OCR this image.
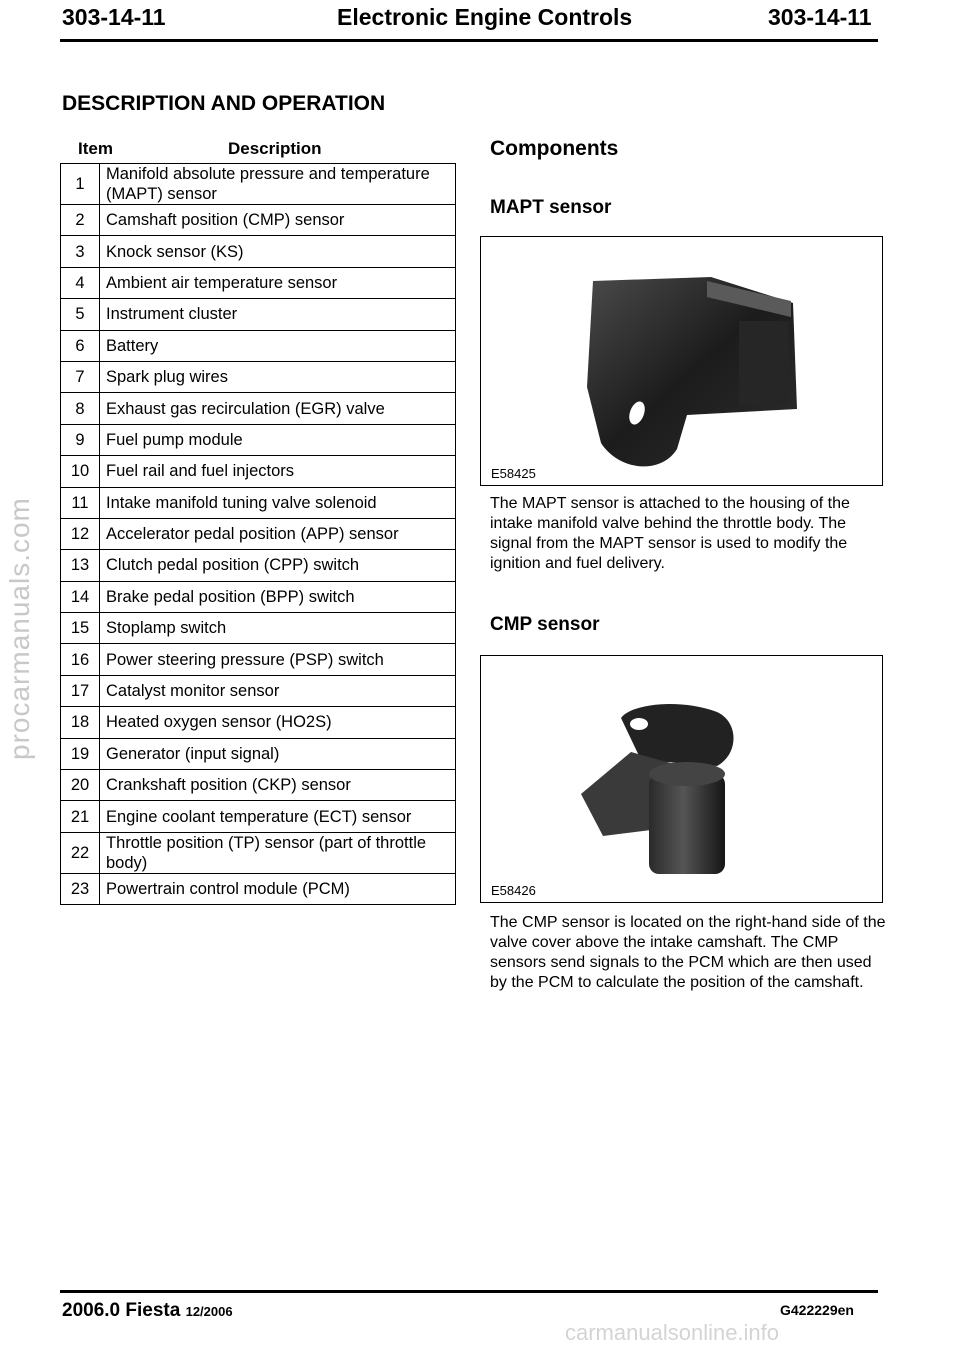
303-14-11	Electronic Engine Controls	303-14-11
DESCRIPTION AND OPERATION
Item	Description
1	Manifold absolute pressure and temperature (MAPT) sensor
2	Camshaft position (CMP) sensor
3	Knock sensor (KS)
4	Ambient air temperature sensor
5	Instrument cluster
6	Battery
7	Spark plug wires
8	Exhaust gas recirculation (EGR) valve
9	Fuel pump module
10	Fuel rail and fuel injectors
11	Intake manifold tuning valve solenoid
12	Accelerator pedal position (APP) sensor
13	Clutch pedal position (CPP) switch
14	Brake pedal position (BPP) switch
15	Stoplamp switch
16	Power steering pressure (PSP) switch
17	Catalyst monitor sensor
18	Heated oxygen sensor (HO2S)
19	Generator (input signal)
20	Crankshaft position (CKP) sensor
21	Engine coolant temperature (ECT) sensor
22	Throttle position (TP) sensor (part of throttle body)
23	Powertrain control module (PCM)
Components
MAPT sensor
E58425
The MAPT sensor is attached to the housing of the intake manifold valve behind the throttle body. The signal from the MAPT sensor is used to modify the ignition and fuel delivery.
CMP sensor
E58426
The CMP sensor is located on the right-hand side of the valve cover above the intake camshaft. The CMP sensors send signals to the PCM which are then used by the PCM to calculate the position of the camshaft.
procarmanuals.com
2006.0 Fiesta 12/2006	G422229en
carmanualsonline.info
